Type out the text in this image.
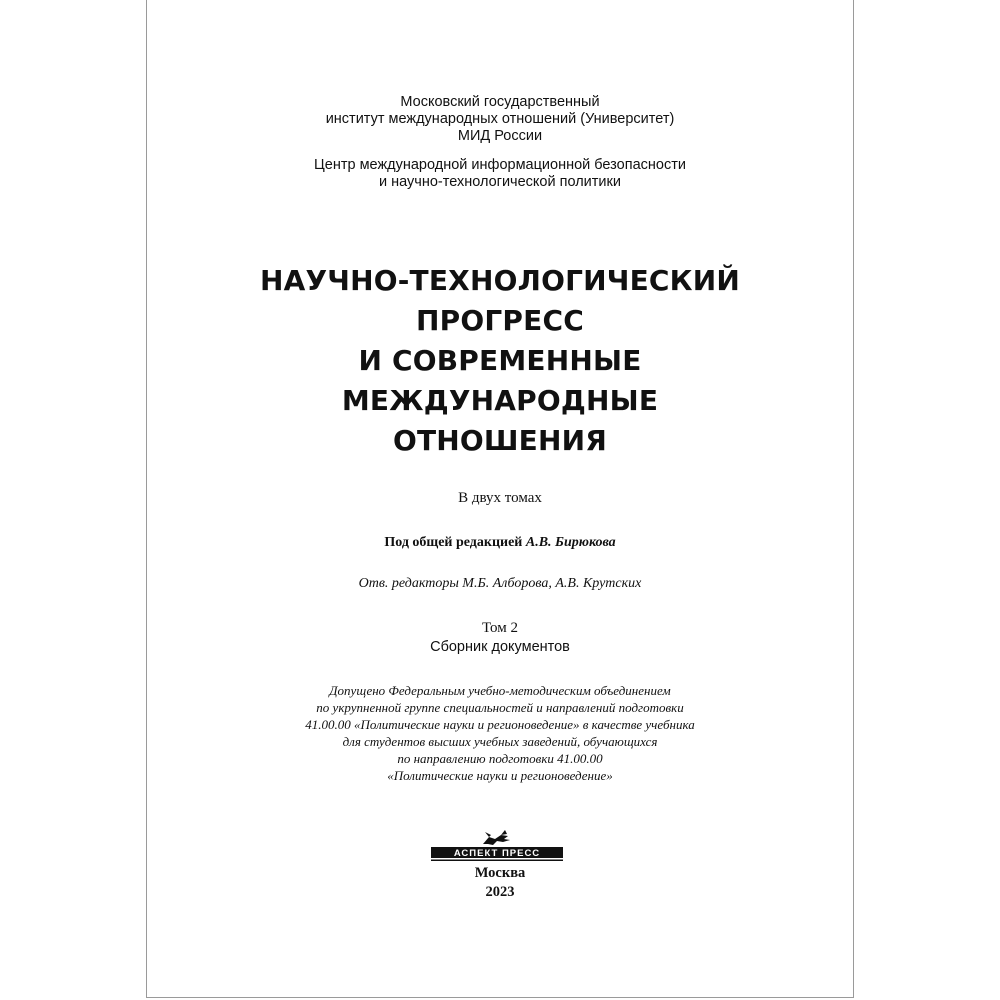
Московский государственный
институт международных отношений (Университет)
МИД России
Центр международной информационной безопасности
и научно-технологической политики
НАУЧНО-ТЕХНОЛОГИЧЕСКИЙ
ПРОГРЕСС
И СОВРЕМЕННЫЕ
МЕЖДУНАРОДНЫЕ
ОТНОШЕНИЯ
В двух томах
Под общей редакцией А.В. Бирюкова
Отв. редакторы М.Б. Алборова, А.В. Крутских
Том 2
Сборник документов
Допущено Федеральным учебно-методическим объединением
по укрупненной группе специальностей и направлений подготовки
41.00.00 «Политические науки и регионоведение» в качестве учебника
для студентов высших учебных заведений, обучающихся
по направлению подготовки 41.00.00
«Политические науки и регионоведение»
АСПЕКТ ПРЕСС
Москва
2023
